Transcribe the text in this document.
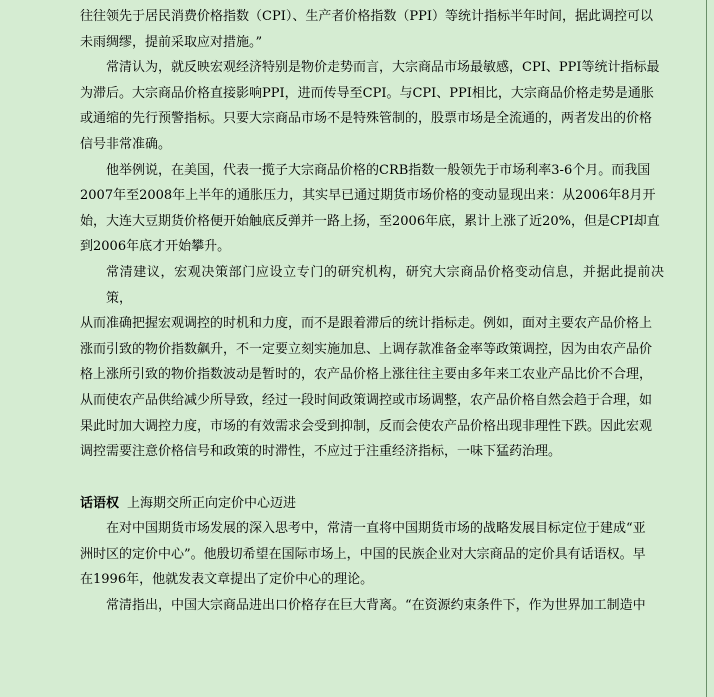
往往领先于居民消费价格指数（CPI）、生产者价格指数（PPI）等统计指标半年时间，据此调控可以
未雨绸缪，提前采取应对措施。”

常清认为，就反映宏观经济特别是物价走势而言，大宗商品市场最敏感，CPI、PPI等统计指标最
为滞后。大宗商品价格直接影响PPI，进而传导至CPI。与CPI、PPI相比，大宗商品价格走势是通胀
或通缩的先行预警指标。只要大宗商品市场不是特殊管制的，股票市场是全流通的，两者发出的价格
信号非常准确。

他举例说，在美国，代表一揽子大宗商品价格的CRB指数一般领先于市场利率3-6个月。而我国
2007年至2008年上半年的通胀压力，其实早已通过期货市场价格的变动显现出来：从2006年8月开
始，大连大豆期货价格便开始触底反弹并一路上扬，至2006年底，累计上涨了近20%，但是CPI却直
到2006年底才开始攀升。

常清建议，宏观决策部门应设立专门的研究机构，研究大宗商品价格变动信息，并据此提前决策，
从而准确把握宏观调控的时机和力度，而不是跟着滞后的统计指标走。例如，面对主要农产品价格上
涨而引致的物价指数飙升，不一定要立刻实施加息、上调存款准备金率等政策调控，因为由农产品价
格上涨所引致的物价指数波动是暂时的，农产品价格上涨往往主要由多年来工农业产品比价不合理，
从而使农产品供给减少所导致，经过一段时间政策调控或市场调整，农产品价格自然会趋于合理，如
果此时加大调控力度，市场的有效需求会受到抑制，反而会使农产品价格出现非理性下跌。因此宏观
调控需要注意价格信号和政策的时滞性，不应过于注重经济指标，一味下猛药治理。

话语权 上海期交所正向定价中心迈进

在对中国期货市场发展的深入思考中，常清一直将中国期货市场的战略发展目标定位于建成“亚
洲时区的定价中心”。他殷切希望在国际市场上，中国的民族企业对大宗商品的定价具有话语权。早
在1996年，他就发表文章提出了定价中心的理论。

常清指出，中国大宗商品进出口价格存在巨大背离。“在资源约束条件下，作为世界加工制造中
